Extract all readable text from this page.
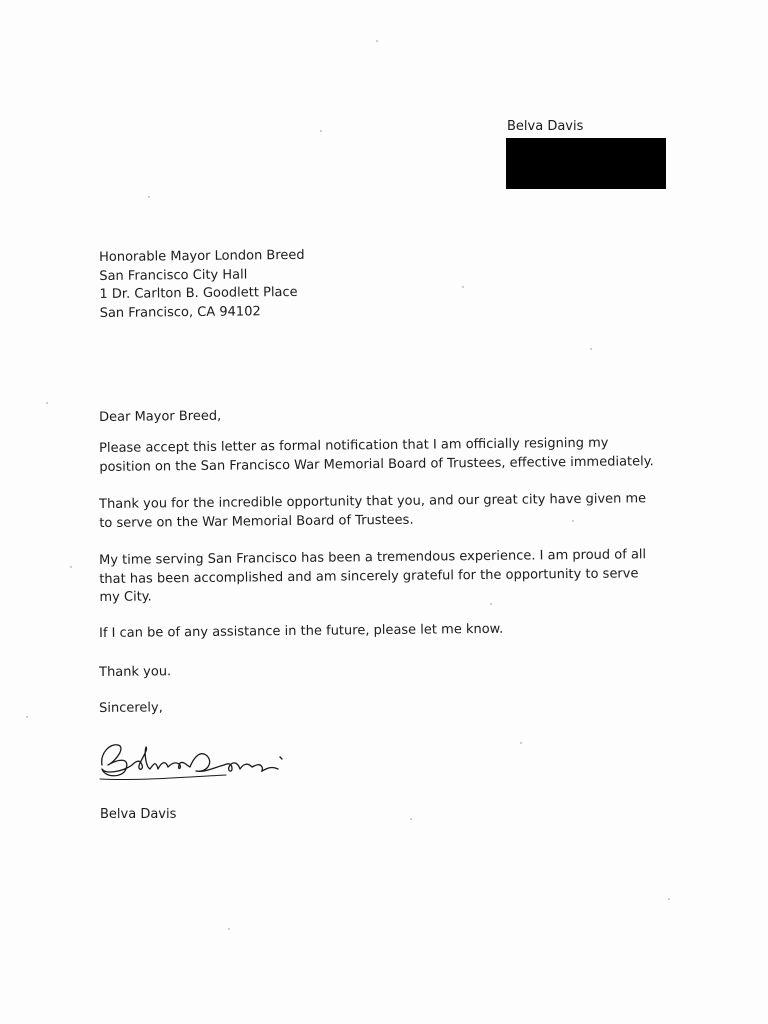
Belva Davis
Honorable Mayor London Breed
San Francisco City Hall
1 Dr. Carlton B. Goodlett Place
San Francisco, CA 94102
Dear Mayor Breed,
Please accept this letter as formal notification that I am officially resigning my position on the San Francisco War Memorial Board of Trustees, effective immediately.
Thank you for the incredible opportunity that you, and our great city have given me to serve on the War Memorial Board of Trustees.
My time serving San Francisco has been a tremendous experience. I am proud of all that has been accomplished and am sincerely grateful for the opportunity to serve my City.
If I can be of any assistance in the future, please let me know.
Thank you.
Sincerely,
Belva Davis
